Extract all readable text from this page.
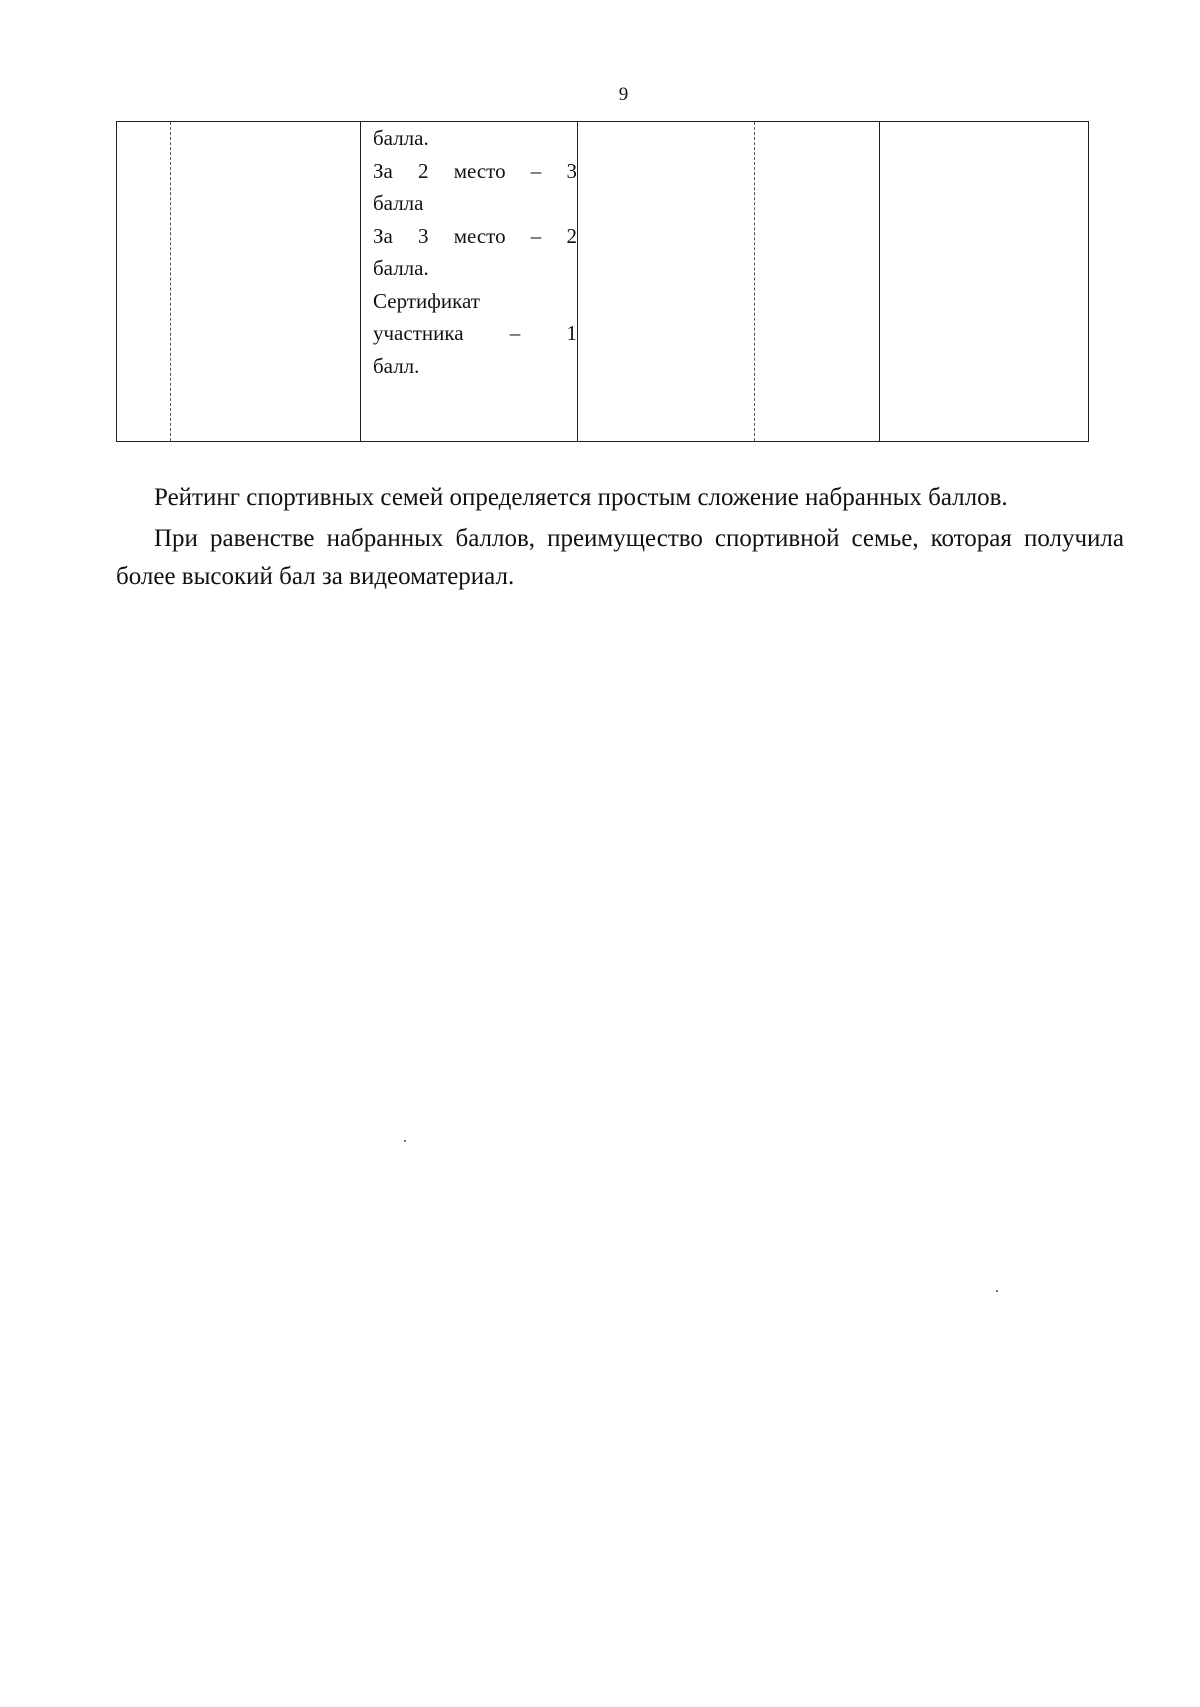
9
балла.
За 2 место – 3
балла
За 3 место – 2
балла.
Сертификат
участника – 1
балл.
Рейтинг спортивных семей определяется простым сложение набранных баллов.
При равенстве набранных баллов, преимущество спортивной семье, которая получила более высокий бал за видеоматериал.
